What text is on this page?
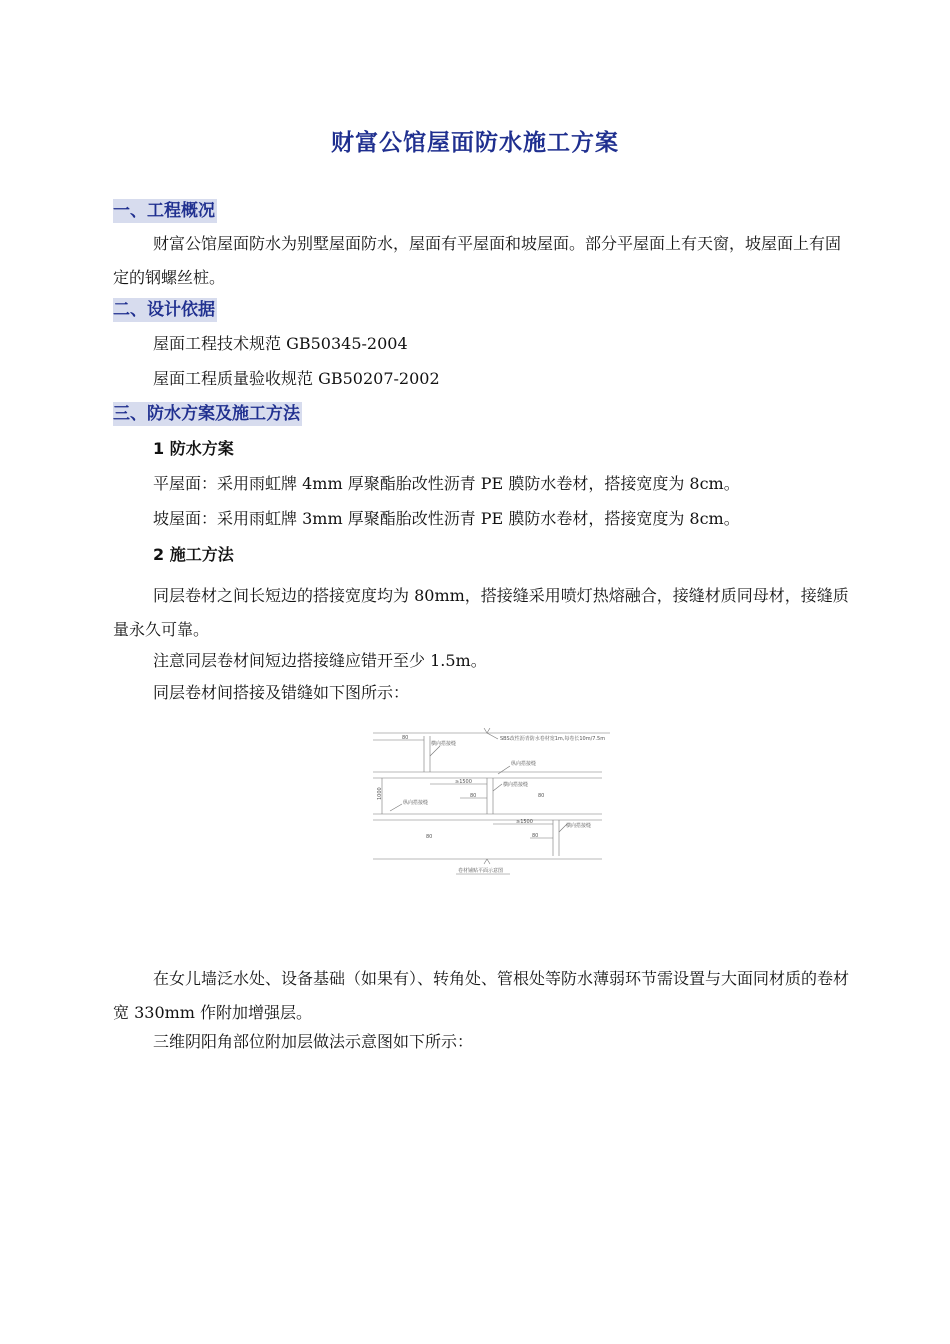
财富公馆屋面防水施工方案
一、工程概况

财富公馆屋面防水为别墅屋面防水，屋面有平屋面和坡屋面。部分平屋面上有天窗，坡屋面上有固定的钢螺丝桩。

二、设计依据
屋面工程技术规范 GB50345-2004
屋面工程质量验收规范 GB50207-2002
三、防水方案及施工方法
1 防水方案
平屋面：采用雨虹牌 4mm 厚聚酯胎改性沥青 PE 膜防水卷材，搭接宽度为 8cm。
坡屋面：采用雨虹牌 3mm 厚聚酯胎改性沥青 PE 膜防水卷材，搭接宽度为 8cm。
2 施工方法

同层卷材之间长短边的搭接宽度均为 80mm，搭接缝采用喷灯热熔融合，接缝材质同母材，接缝质量永久可靠。

注意同层卷材间短边搭接缝应错开至少 1.5m。
同层卷材间搭接及错缝如下图所示：
SBS改性沥青防水卷材宽1m,每卷长10m/7.5m
80
横向搭接缝
纵向搭接缝
≥1500	横向搭接缝
80	80
1000
纵向搭接缝
80
≥1500
横向搭接缝
80
卷材铺贴平面示意图

在女儿墙泛水处、设备基础（如果有）、转角处、管根处等防水薄弱环节需设置与大面同材质的卷材宽 330mm 作附加增强层。

三维阴阳角部位附加层做法示意图如下所示：
